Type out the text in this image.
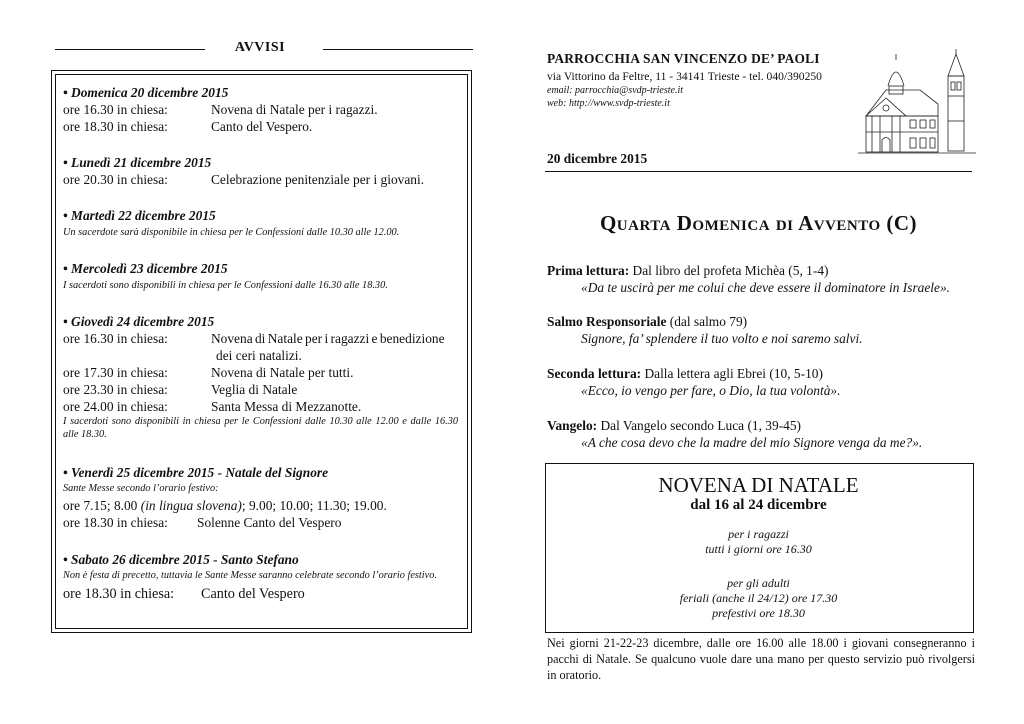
AVVISI
• Domenica 20 dicembre 2015
ore 16.30 in chiesa:	Novena di Natale per i ragazzi.
ore 18.30 in chiesa:	Canto del Vespero.
• Lunedì 21 dicembre 2015
ore 20.30 in chiesa:	Celebrazione penitenziale per i giovani.
• Martedì 22 dicembre 2015
Un sacerdote sarà disponibile in chiesa per le Confessioni dalle 10.30 alle 12.00.
• Mercoledì 23 dicembre 2015
I sacerdoti sono disponibili in chiesa per le Confessioni dalle 16.30 alle 18.30.
• Giovedì 24 dicembre 2015
ore 16.30 in chiesa:	Novena di Natale per i ragazzi e benedizione
dei ceri natalizi.
ore 17.30 in chiesa:	Novena di Natale per tutti.
ore 23.30 in chiesa:	Veglia di Natale
ore 24.00 in chiesa:	Santa Messa di Mezzanotte.
I sacerdoti sono disponibili in chiesa per le Confessioni dalle 10.30 alle 12.00 e dalle 16.30 alle 18.30.
• Venerdì 25 dicembre 2015 - Natale del Signore
Sante Messe secondo l’orario festivo:
ore 7.15; 8.00 (in lingua slovena); 9.00; 10.00; 11.30; 19.00.
ore 18.30 in chiesa: Solenne Canto del Vespero
• Sabato 26 dicembre 2015 - Santo Stefano
Non è festa di precetto, tuttavia le Sante Messe saranno celebrate secondo l’orario festivo.
ore 18.30 in chiesa: Canto del Vespero
PARROCCHIA SAN VINCENZO DE’ PAOLI
via Vittorino da Feltre, 11 - 34141 Trieste - tel. 040/390250
email: parrocchia@svdp-trieste.it
web: http://www.svdp-trieste.it
20 dicembre 2015
Quarta Domenica di Avvento (C)
Prima lettura: Dal libro del profeta Michèa (5, 1-4)
«Da te uscirà per me colui che deve essere il dominatore in Israele».
Salmo Responsoriale (dal salmo 79)
Signore, fa’ splendere il tuo volto e noi saremo salvi.
Seconda lettura: Dalla lettera agli Ebrei (10, 5-10)
«Ecco, io vengo per fare, o Dio, la tua volontà».
Vangelo: Dal Vangelo secondo Luca (1, 39-45)
«A che cosa devo che la madre del mio Signore venga da me?».
NOVENA DI NATALE
dal 16 al 24 dicembre
per i ragazzi
tutti i giorni ore 16.30
per gli adulti
feriali (anche il 24/12) ore 17.30
prefestivi ore 18.30
Nei giorni 21-22-23 dicembre, dalle ore 16.00 alle 18.00 i giovani consegneranno i pacchi di Natale. Se qualcuno vuole dare una mano per questo servizio può rivolgersi in oratorio.
